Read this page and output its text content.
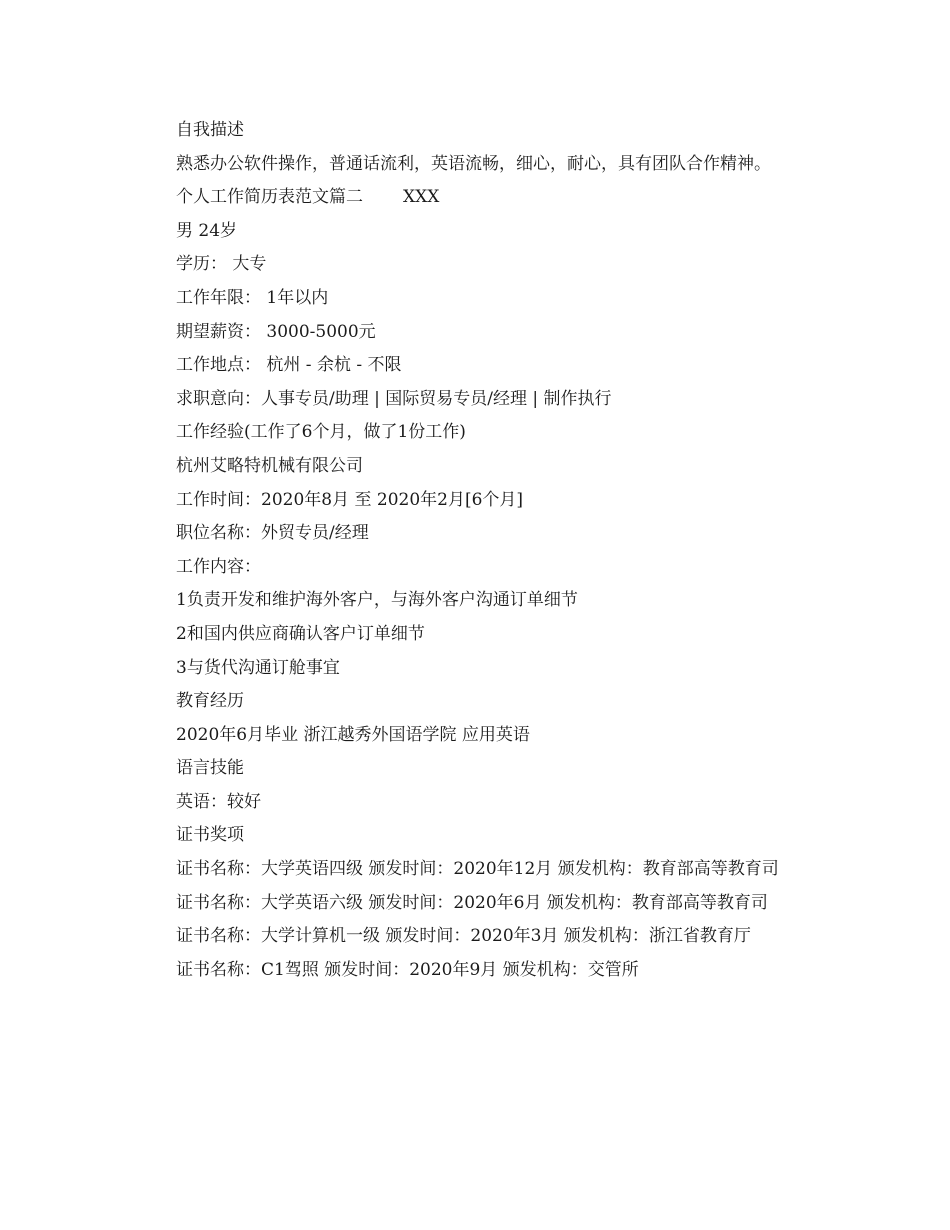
自我描述
熟悉办公软件操作，普通话流利，英语流畅，细心，耐心，具有团队合作精神。
个人工作简历表范文篇二 XXX
男 24岁
学历： 大专
工作年限： 1年以内
期望薪资： 3000-5000元
工作地点： 杭州 - 余杭 - 不限
求职意向：人事专员/助理 | 国际贸易专员/经理 | 制作执行
工作经验(工作了6个月，做了1份工作)
杭州艾略特机械有限公司
工作时间：2020年8月 至 2020年2月[6个月]
职位名称：外贸专员/经理
工作内容：
1负责开发和维护海外客户，与海外客户沟通订单细节
2和国内供应商确认客户订单细节
3与货代沟通订舱事宜
教育经历
2020年6月毕业 浙江越秀外国语学院 应用英语
语言技能
英语：较好
证书奖项
证书名称：大学英语四级 颁发时间：2020年12月 颁发机构：教育部高等教育司
证书名称：大学英语六级 颁发时间：2020年6月 颁发机构：教育部高等教育司
证书名称：大学计算机一级 颁发时间：2020年3月 颁发机构：浙江省教育厅
证书名称：C1驾照 颁发时间：2020年9月 颁发机构：交管所
